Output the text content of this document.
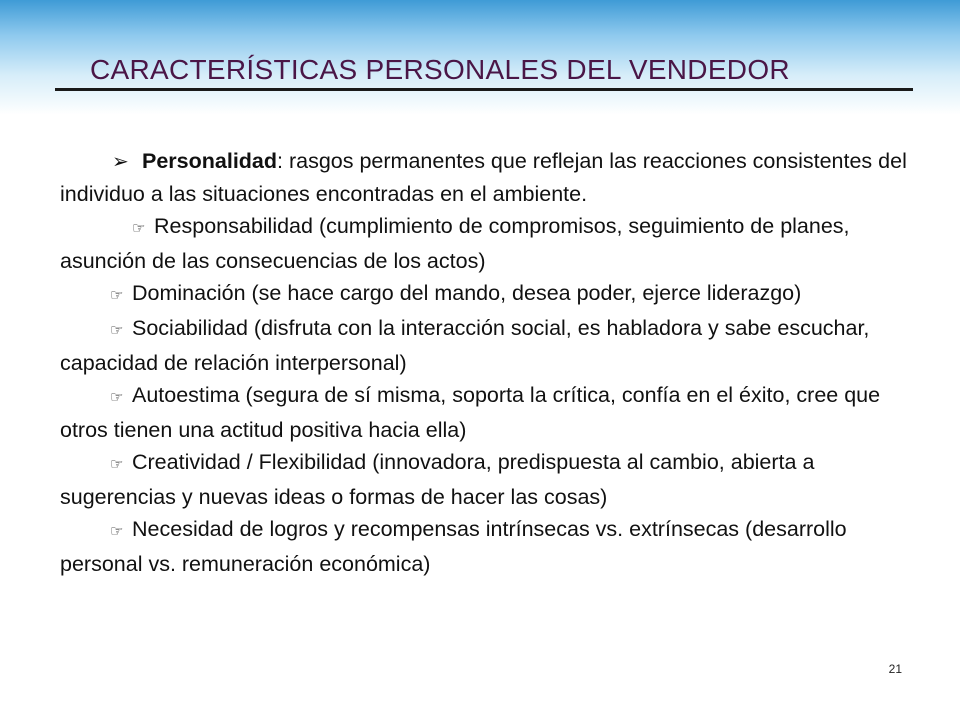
CARACTERÍSTICAS PERSONALES DEL VENDEDOR

➢ Personalidad: rasgos permanentes que reflejan las reacciones consistentes del individuo a las situaciones encontradas en el ambiente.

☞ Responsabilidad (cumplimiento de compromisos, seguimiento de planes, asunción de las consecuencias de los actos)

☞ Dominación (se hace cargo del mando, desea poder, ejerce liderazgo)

☞ Sociabilidad (disfruta con la interacción social, es habladora y sabe escuchar, capacidad de relación interpersonal)

☞ Autoestima (segura de sí misma, soporta la crítica, confía en el éxito, cree que otros tienen una actitud positiva hacia ella)

☞ Creatividad / Flexibilidad (innovadora, predispuesta al cambio, abierta a sugerencias y nuevas ideas o formas de hacer las cosas)

☞ Necesidad de logros y recompensas intrínsecas vs. extrínsecas (desarrollo personal vs. remuneración económica)

21
